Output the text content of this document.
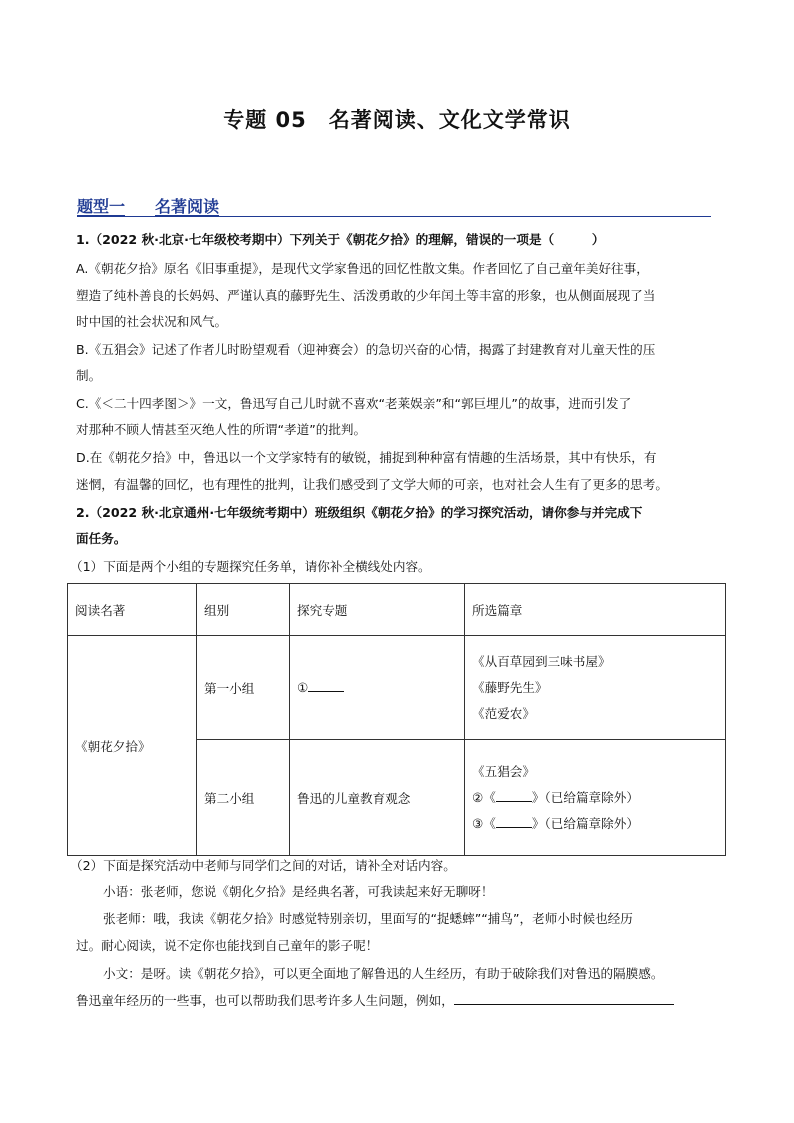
专题 05　名著阅读、文化文学常识
题型一 名著阅读
1.（2022 秋·北京·七年级校考期中）下列关于《朝花夕拾》的理解，错误的一项是（　　　）
A.《朝花夕拾》原名《旧事重提》，是现代文学家鲁迅的回忆性散文集。作者回忆了自己童年美好往事，
塑造了纯朴善良的长妈妈、严谨认真的藤野先生、活泼勇敢的少年闰土等丰富的形象，也从侧面展现了当
时中国的社会状况和风气。
B.《五猖会》记述了作者儿时盼望观看（迎神赛会）的急切兴奋的心情，揭露了封建教育对儿童天性的压
制。
C.《＜二十四孝图＞》一文，鲁迅写自己儿时就不喜欢“老莱娱亲”和“郭巨埋儿”的故事，进而引发了
对那种不顾人情甚至灭绝人性的所谓“孝道”的批判。
D.在《朝花夕拾》中，鲁迅以一个文学家特有的敏锐，捕捉到种种富有情趣的生活场景，其中有快乐，有
迷惘，有温馨的回忆，也有理性的批判，让我们感受到了文学大师的可亲，也对社会人生有了更多的思考。
2.（2022 秋·北京通州·七年级统考期中）班级组织《朝花夕拾》的学习探究活动，请你参与并完成下
面任务。
（1）下面是两个小组的专题探究任务单，请你补全横线处内容。
阅读名著	组别	探究专题	所选篇章
《朝花夕拾》	第一小组	①	《从百草园到三味书屋》
《藤野先生》
《范爱农》

	第二小组	鲁迅的儿童教育观念	《五猖会》
②《 》（已给篇章除外）
③《 》（已给篇章除外）
（2）下面是探究活动中老师与同学们之间的对话，请补全对话内容。
小语：张老师，您说《朝化夕拾》是经典名著，可我读起来好无聊呀！
张老师：哦，我读《朝花夕拾》时感觉特别亲切，里面写的“捉蟋蟀”“捕鸟”，老师小时候也经历
过。耐心阅读，说不定你也能找到自己童年的影子呢！
小文：是呀。读《朝花夕拾》，可以更全面地了解鲁迅的人生经历，有助于破除我们对鲁迅的隔膜感。
鲁迅童年经历的一些事，也可以帮助我们思考许多人生问题，例如，
